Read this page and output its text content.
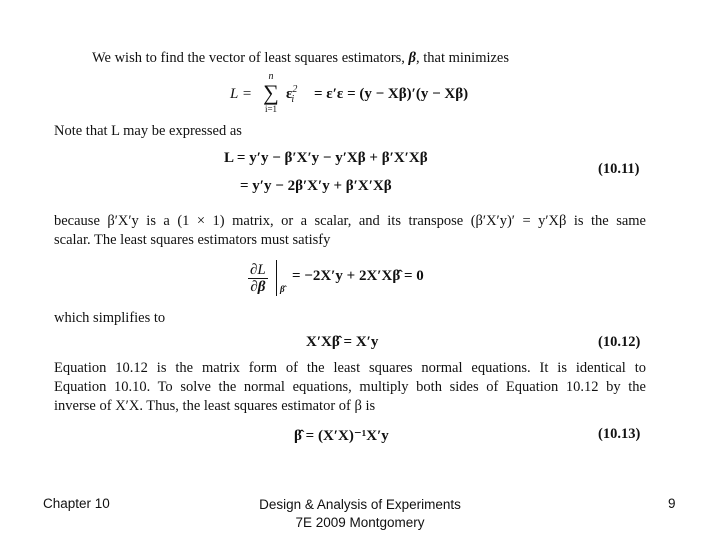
We wish to find the vector of least squares estimators, β, that minimizes
L =
n
∑
i=1
$\varepsilon^2_i = \varepsilon'\varepsilon = (y - X\beta)'(y - X\beta)$
Note that L may be expressed as
L = y′y − β′X′y − y′Xβ + β′X′Xβ
= y′y − 2β′X′y + β′X′Xβ
(10.11)
because β′X′y is a (1 × 1) matrix, or a scalar, and its transpose (β′X′y)′ = y′Xβ is the same
scalar. The least squares estimators must satisfy
$\frac{\partial L}{\partial\beta}$ β̂
= −2X′y + 2X′Xβ̂ = 0
which simplifies to
X′Xβ̂ = X′y	(10.12)
Equation 10.12 is the matrix form of the least squares normal equations. It is identical to
Equation 10.10. To solve the normal equations, multiply both sides of Equation 10.12 by the
inverse of X′X. Thus, the least squares estimator of β is
β̂ = (X′X)⁻¹X′y	(10.13)
Chapter 10	Design & Analysis of Experiments
7E 2009 Montgomery
9
